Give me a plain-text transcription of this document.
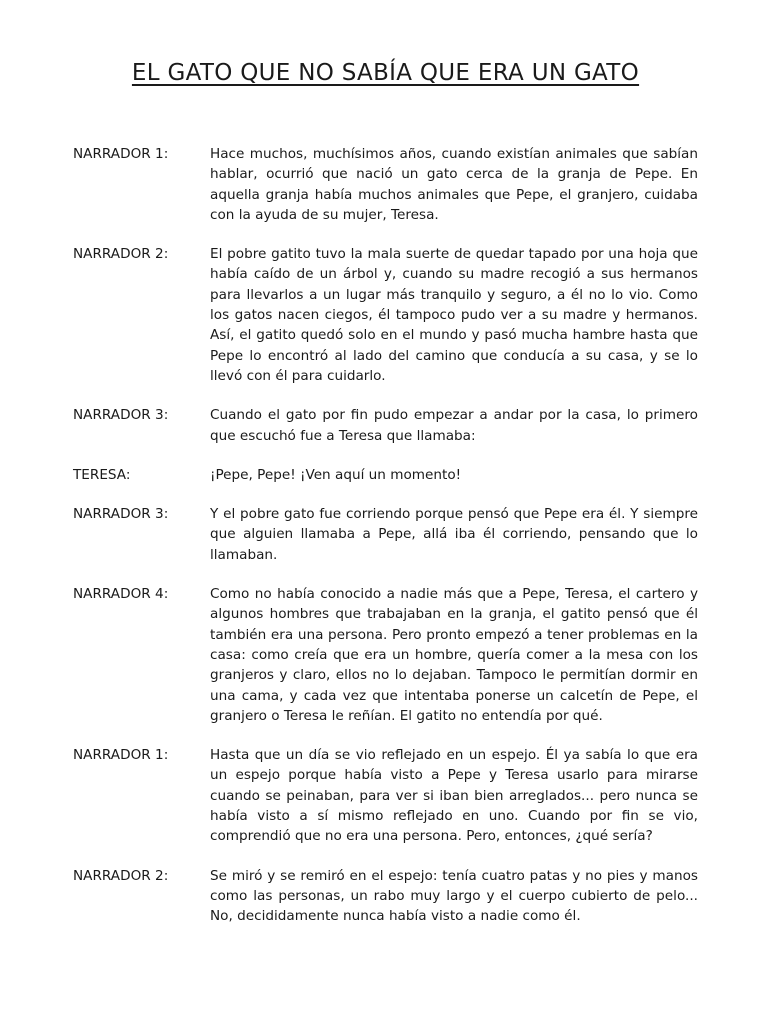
EL GATO QUE NO SABÍA QUE ERA UN GATO
NARRADOR 1:	Hace muchos, muchísimos años, cuando existían animales que sabían hablar, ocurrió que nació un gato cerca de la granja de Pepe. En aquella granja había muchos animales que Pepe, el granjero, cuidaba con la ayuda de su mujer, Teresa.
NARRADOR 2:	El pobre gatito tuvo la mala suerte de quedar tapado por una hoja que había caído de un árbol y, cuando su madre recogió a sus hermanos para llevarlos a un lugar más tranquilo y seguro, a él no lo vio. Como los gatos nacen ciegos, él tampoco pudo ver a su madre y hermanos. Así, el gatito quedó solo en el mundo y pasó mucha hambre hasta que Pepe lo encontró al lado del camino que conducía a su casa, y se lo llevó con él para cuidarlo.
NARRADOR 3:	Cuando el gato por fin pudo empezar a andar por la casa, lo primero que escuchó fue a Teresa que llamaba:
TERESA:	¡Pepe, Pepe! ¡Ven aquí un momento!
NARRADOR 3:	Y el pobre gato fue corriendo porque pensó que Pepe era él. Y siempre que alguien llamaba a Pepe, allá iba él corriendo, pensando que lo llamaban.
NARRADOR 4:	Como no había conocido a nadie más que a Pepe, Teresa, el cartero y algunos hombres que trabajaban en la granja, el gatito pensó que él también era una persona. Pero pronto empezó a tener problemas en la casa: como creía que era un hombre, quería comer a la mesa con los granjeros y claro, ellos no lo dejaban. Tampoco le permitían dormir en una cama, y cada vez que intentaba ponerse un calcetín de Pepe, el granjero o Teresa le reñían. El gatito no entendía por qué.
NARRADOR 1:	Hasta que un día se vio reflejado en un espejo. Él ya sabía lo que era un espejo porque había visto a Pepe y Teresa usarlo para mirarse cuando se peinaban, para ver si iban bien arreglados... pero nunca se había visto a sí mismo reflejado en uno. Cuando por fin se vio, comprendió que no era una persona. Pero, entonces, ¿qué sería?
NARRADOR 2:	Se miró y se remiró en el espejo: tenía cuatro patas y no pies y manos como las personas, un rabo muy largo y el cuerpo cubierto de pelo... No, decididamente nunca había visto a nadie como él.
